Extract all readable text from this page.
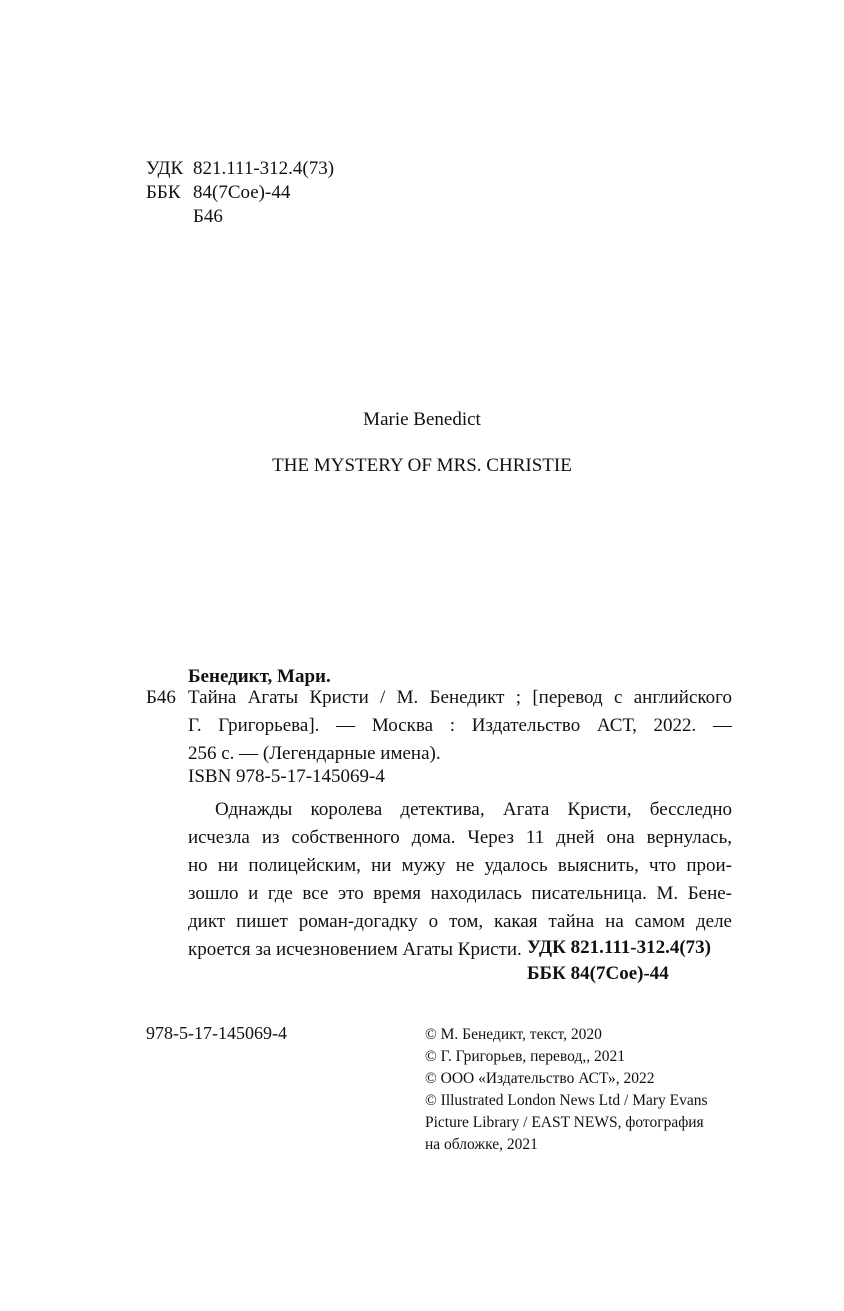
УДК 821.111-312.4(73)
ББК 84(7Сое)-44
Б46
Marie Benedict
THE MYSTERY OF MRS. CHRISTIE
Бенедикт, Мари.
Б46 Тайна Агаты Кристи / М. Бенедикт ; [перевод с английского
Г. Григорьева]. — Москва : Издательство АСТ, 2022. —
256 с. — (Легендарные имена).
ISBN 978-5-17-145069-4
Однажды королева детектива, Агата Кристи, бесследно
исчезла из собственного дома. Через 11 дней она вернулась,
но ни полицейским, ни мужу не удалось выяснить, что прои-
зошло и где все это время находилась писательница. М. Бене-
дикт пишет роман-догадку о том, какая тайна на самом деле
кроется за исчезновением Агаты Кристи. УДК 821.111-312.4(73)
ББК 84(7Сое)-44
978-5-17-145069-4	© М. Бенедикт, текст, 2020
© Г. Григорьев, перевод,, 2021
© ООО «Издательство АСТ», 2022
© Illustrated London News Ltd / Mary Evans
Picture Library / EAST NEWS, фотография
на обложке, 2021
